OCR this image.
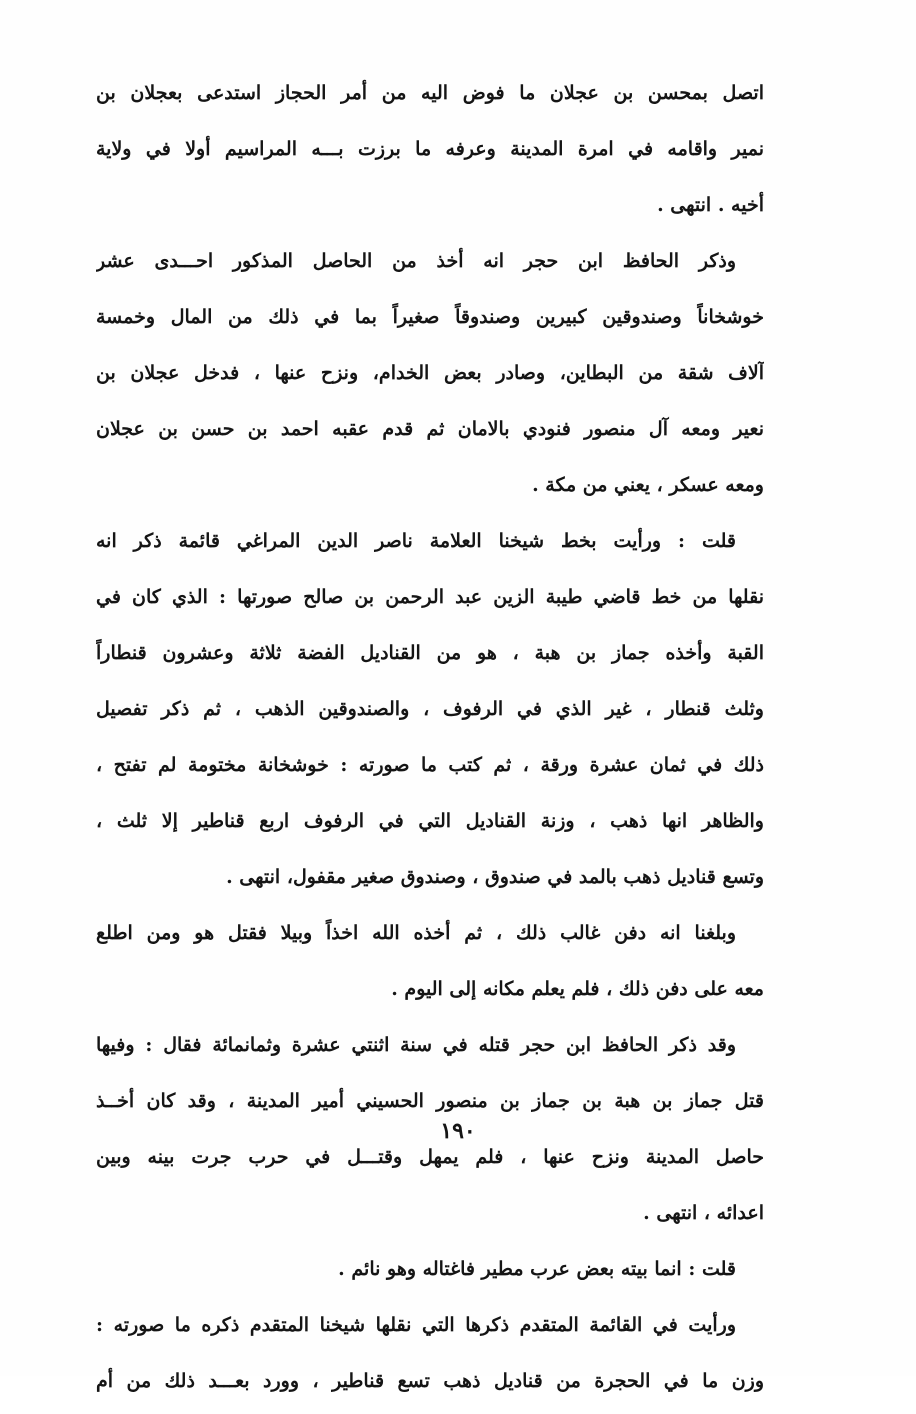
اتصل بمحسن بن عجلان ما فوض اليه من أمر الحجاز استدعى بعجلان بن
نمير واقامه في امرة المدينة وعرفه ما برزت بـــه المراسيم أولا في ولاية
أخيه . انتهى .
وذكر الحافظ ابن حجر انه أخذ من الحاصل المذكور احـــدى عشر
خوشخاناً وصندوقين كبيرين وصندوقاً صغيراً بما في ذلك من المال وخمسة
آلاف شقة من البطاين، وصادر بعض الخدام، ونزح عنها ، فدخل عجلان بن
نعير ومعه آل منصور فنودي بالامان ثم قدم عقبه احمد بن حسن بن عجلان
ومعه عسكر ، يعني من مكة .
قلت : ورأيت بخط شيخنا العلامة ناصر الدين المراغي قائمة ذكر انه
نقلها من خط قاضي طيبة الزين عبد الرحمن بن صالح صورتها : الذي كان في
القبة وأخذه جماز بن هبة ، هو من القناديل الفضة ثلاثة وعشرون قنطاراً
وثلث قنطار ، غير الذي في الرفوف ، والصندوقين الذهب ، ثم ذكر تفصيل
ذلك في ثمان عشرة ورقة ، ثم كتب ما صورته : خوشخانة مختومة لم تفتح ،
والظاهر انها ذهب ، وزنة القناديل التي في الرفوف اربع قناطير إلا ثلث ،
وتسع قناديل ذهب بالمد في صندوق ، وصندوق صغير مقفول، انتهى .
وبلغنا انه دفن غالب ذلك ، ثم أخذه الله اخذاً وبيلا فقتل هو ومن اطلع
معه على دفن ذلك ، فلم يعلم مكانه إلى اليوم .
وقد ذكر الحافظ ابن حجر قتله في سنة اثنتي عشرة وثمانمائة فقال : وفيها
قتل جماز بن هبة بن جماز بن منصور الحسيني أمير المدينة ، وقد كان أخــذ
حاصل المدينة ونزح عنها ، فلم يمهل وقتـــل في حرب جرت بينه وبين
اعدائه ، انتهى .
قلت : انما بيته بعض عرب مطير فاغتاله وهو نائم .
ورأيت في القائمة المتقدم ذكرها التي نقلها شيخنا المتقدم ذكره ما صورته :
وزن ما في الحجرة من قناديل ذهب تسع قناطير ، وورد بعـــد ذلك من أم
١٩٠
